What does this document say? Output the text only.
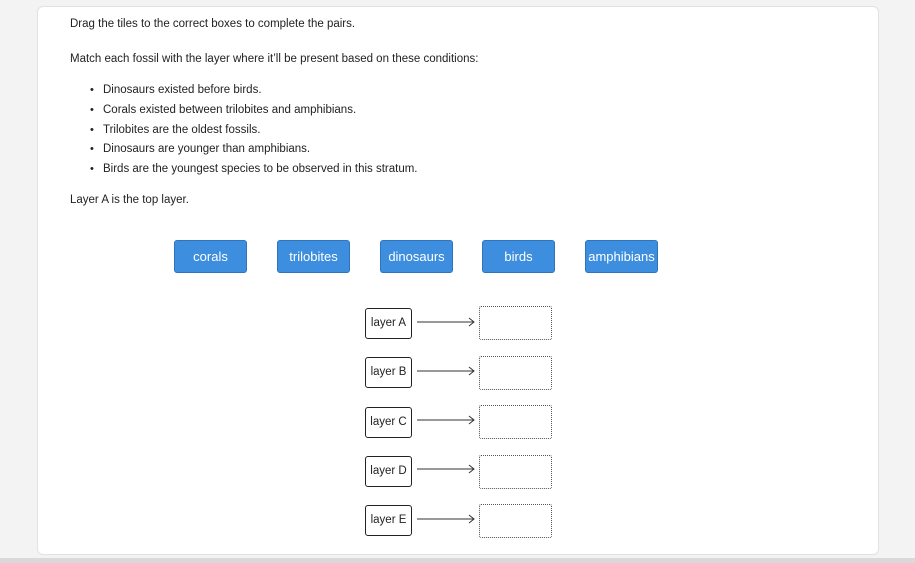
Drag the tiles to the correct boxes to complete the pairs.
Match each fossil with the layer where it’ll be present based on these conditions:
• Dinosaurs existed before birds.
• Corals existed between trilobites and amphibians.
• Trilobites are the oldest fossils.
• Dinosaurs are younger than amphibians.
• Birds are the youngest species to be observed in this stratum.
Layer A is the top layer.
corals	trilobites	dinosaurs	birds	amphibians
layer A
layer B
layer C
layer D
layer E
